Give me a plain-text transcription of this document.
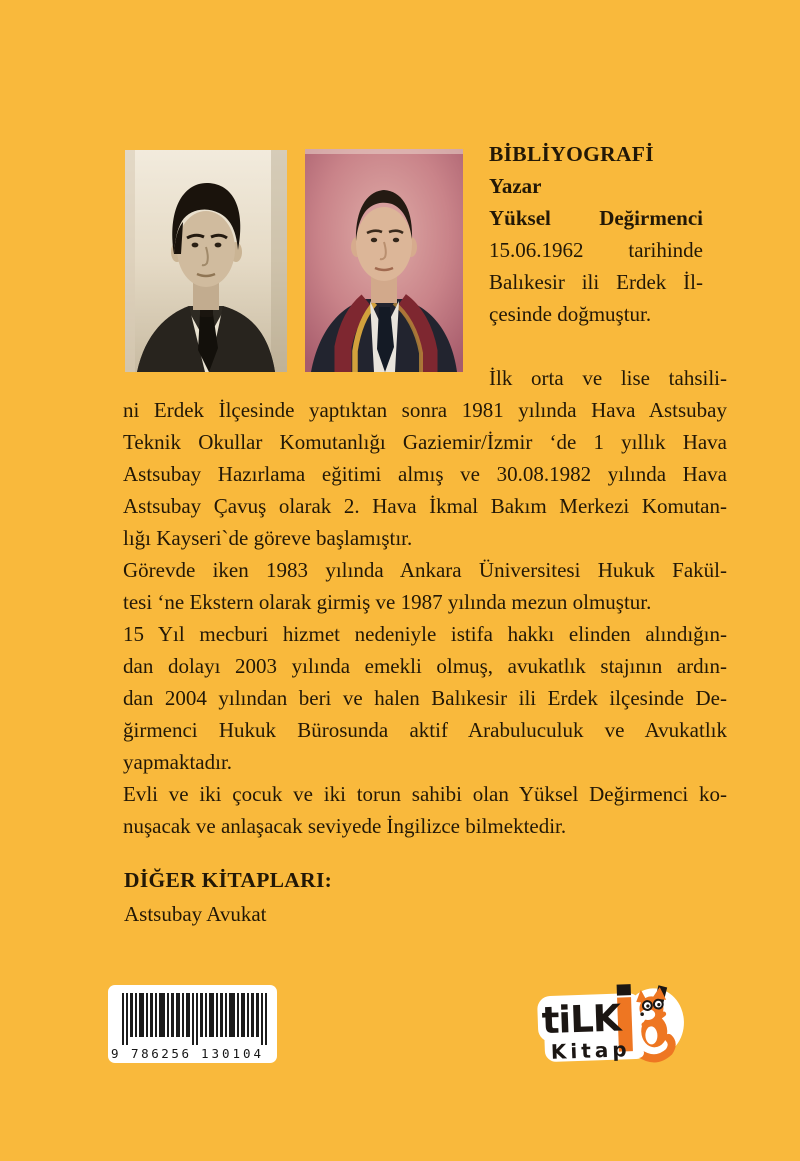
BİBLİYOGRAFİ
Yazar
Yüksel Değirmenci
15.06.1962 tarihinde
Balıkesir ili Erdek İl-
çesinde doğmuştur.
İlk orta ve lise tahsili-
ni Erdek İlçesinde yaptıktan sonra 1981 yılında Hava Astsubay
Teknik Okullar Komutanlığı Gaziemir/İzmir ‘de 1 yıllık Hava
Astsubay Hazırlama eğitimi almış ve 30.08.1982 yılında Hava
Astsubay Çavuş olarak 2. Hava İkmal Bakım Merkezi Komutan-
lığı Kayseri`de göreve başlamıştır.
Görevde iken 1983 yılında Ankara Üniversitesi Hukuk Fakül-
tesi ‘ne Ekstern olarak girmiş ve 1987 yılında mezun olmuştur.
15 Yıl mecburi hizmet nedeniyle istifa hakkı elinden alındığın-
dan dolayı 2003 yılında emekli olmuş, avukatlık stajının ardın-
dan 2004 yılından beri ve halen Balıkesir ili Erdek ilçesinde De-
ğirmenci Hukuk Bürosunda aktif Arabuluculuk ve Avukatlık
yapmaktadır.
Evli ve iki çocuk ve iki torun sahibi olan Yüksel Değirmenci ko-
nuşacak ve anlaşacak seviyede İngilizce bilmektedir.
DİĞER KİTAPLARI:
Astsubay Avukat
9 786256 130104
tiLK
Kitap
